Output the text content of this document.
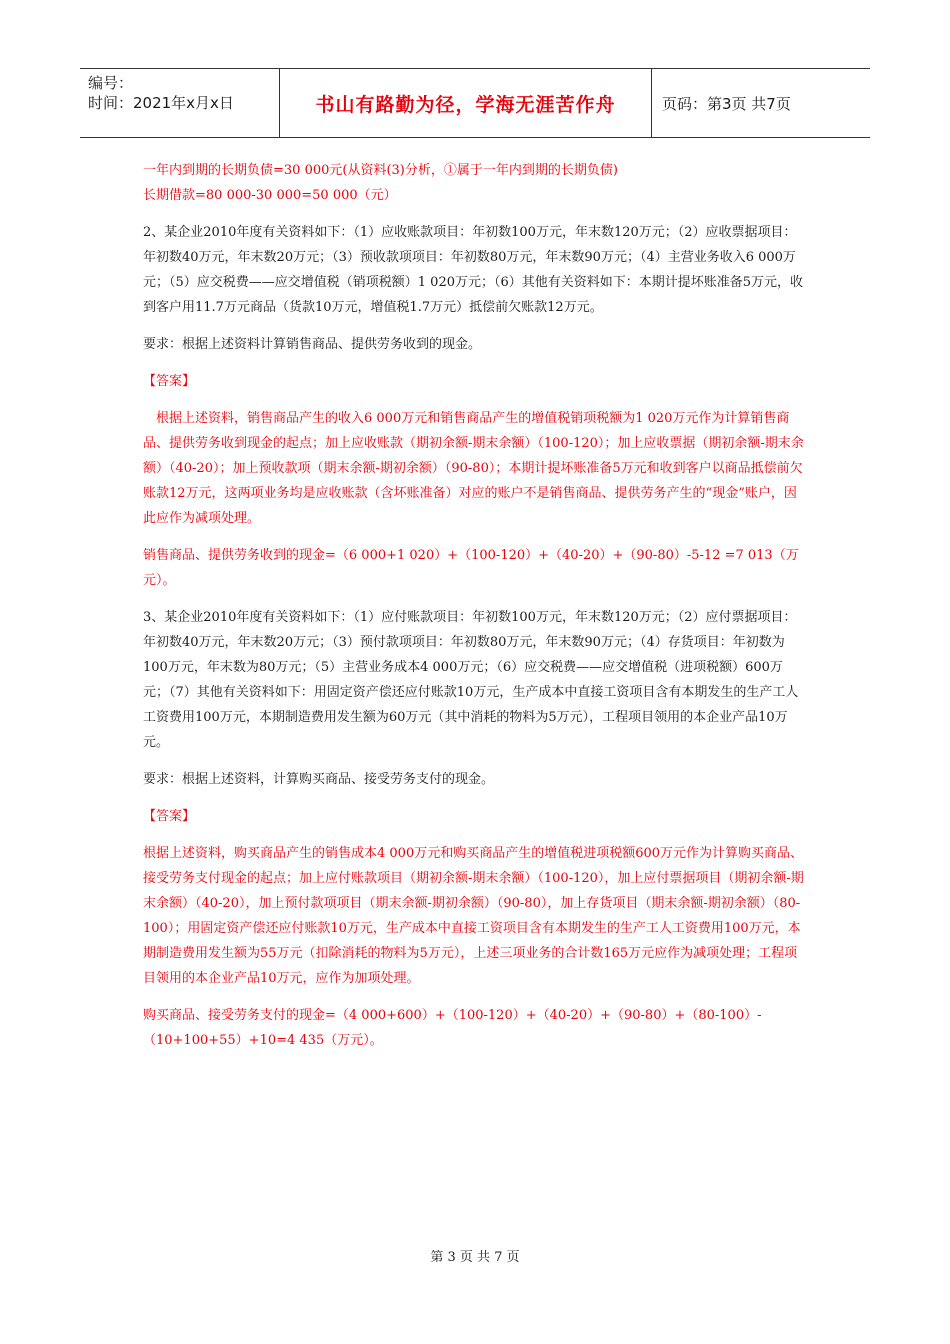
编号：
时间：2021年x月x日	书山有路勤为径，学海无涯苦作舟	页码：第3页 共7页

一年内到期的长期负债=30 000元(从资料(3)分析，①属于一年内到期的长期负债)

长期借款=80 000-30 000=50 000（元）

2、某企业2010年度有关资料如下：（1）应收账款项目：年初数100万元，年末数120万元；（2）应收票据项目：年初数40万元，年末数20万元；（3）预收款项项目：年初数80万元，年末数90万元；（4）主营业务收入6 000万元；（5）应交税费——应交增值税（销项税额）1 020万元；（6）其他有关资料如下：本期计提坏账准备5万元，收到客户用11.7万元商品（货款10万元，增值税1.7万元）抵偿前欠账款12万元。

要求：根据上述资料计算销售商品、提供劳务收到的现金。

【答案】

根据上述资料，销售商品产生的收入6 000万元和销售商品产生的增值税销项税额为1 020万元作为计算销售商品、提供劳务收到现金的起点；加上应收账款（期初余额-期末余额）（100-120）；加上应收票据（期初余额-期末余额）（40-20）；加上预收款项（期末余额-期初余额）（90-80）；本期计提坏账准备5万元和收到客户以商品抵偿前欠账款12万元，这两项业务均是应收账款（含坏账准备）对应的账户不是销售商品、提供劳务产生的“现金”账户，因此应作为减项处理。

销售商品、提供劳务收到的现金=（6 000+1 020）+（100-120）+（40-20）+（90-80）-5-12 =7 013（万元）。

3、某企业2010年度有关资料如下：（1）应付账款项目：年初数100万元，年末数120万元；（2）应付票据项目：年初数40万元，年末数20万元；（3）预付款项项目：年初数80万元，年末数90万元；（4）存货项目：年初数为100万元，年末数为80万元；（5）主营业务成本4 000万元；（6）应交税费——应交增值税（进项税额）600万元；（7）其他有关资料如下：用固定资产偿还应付账款10万元，生产成本中直接工资项目含有本期发生的生产工人工资费用100万元，本期制造费用发生额为60万元（其中消耗的物料为5万元），工程项目领用的本企业产品10万元。

要求：根据上述资料，计算购买商品、接受劳务支付的现金。

【答案】

根据上述资料，购买商品产生的销售成本4 000万元和购买商品产生的增值税进项税额600万元作为计算购买商品、接受劳务支付现金的起点；加上应付账款项目（期初余额-期末余额）（100-120），加上应付票据项目（期初余额-期末余额）（40-20），加上预付款项项目（期末余额-期初余额）（90-80），加上存货项目（期末余额-期初余额）（80-100）；用固定资产偿还应付账款10万元，生产成本中直接工资项目含有本期发生的生产工人工资费用100万元，本期制造费用发生额为55万元（扣除消耗的物料为5万元），上述三项业务的合计数165万元应作为减项处理；工程项目领用的本企业产品10万元，应作为加项处理。

购买商品、接受劳务支付的现金=（4 000+600）+（100-120）+（40-20）+（90-80）+（80-100）-（10+100+55）+10=4 435（万元）。

第 3 页 共 7 页
